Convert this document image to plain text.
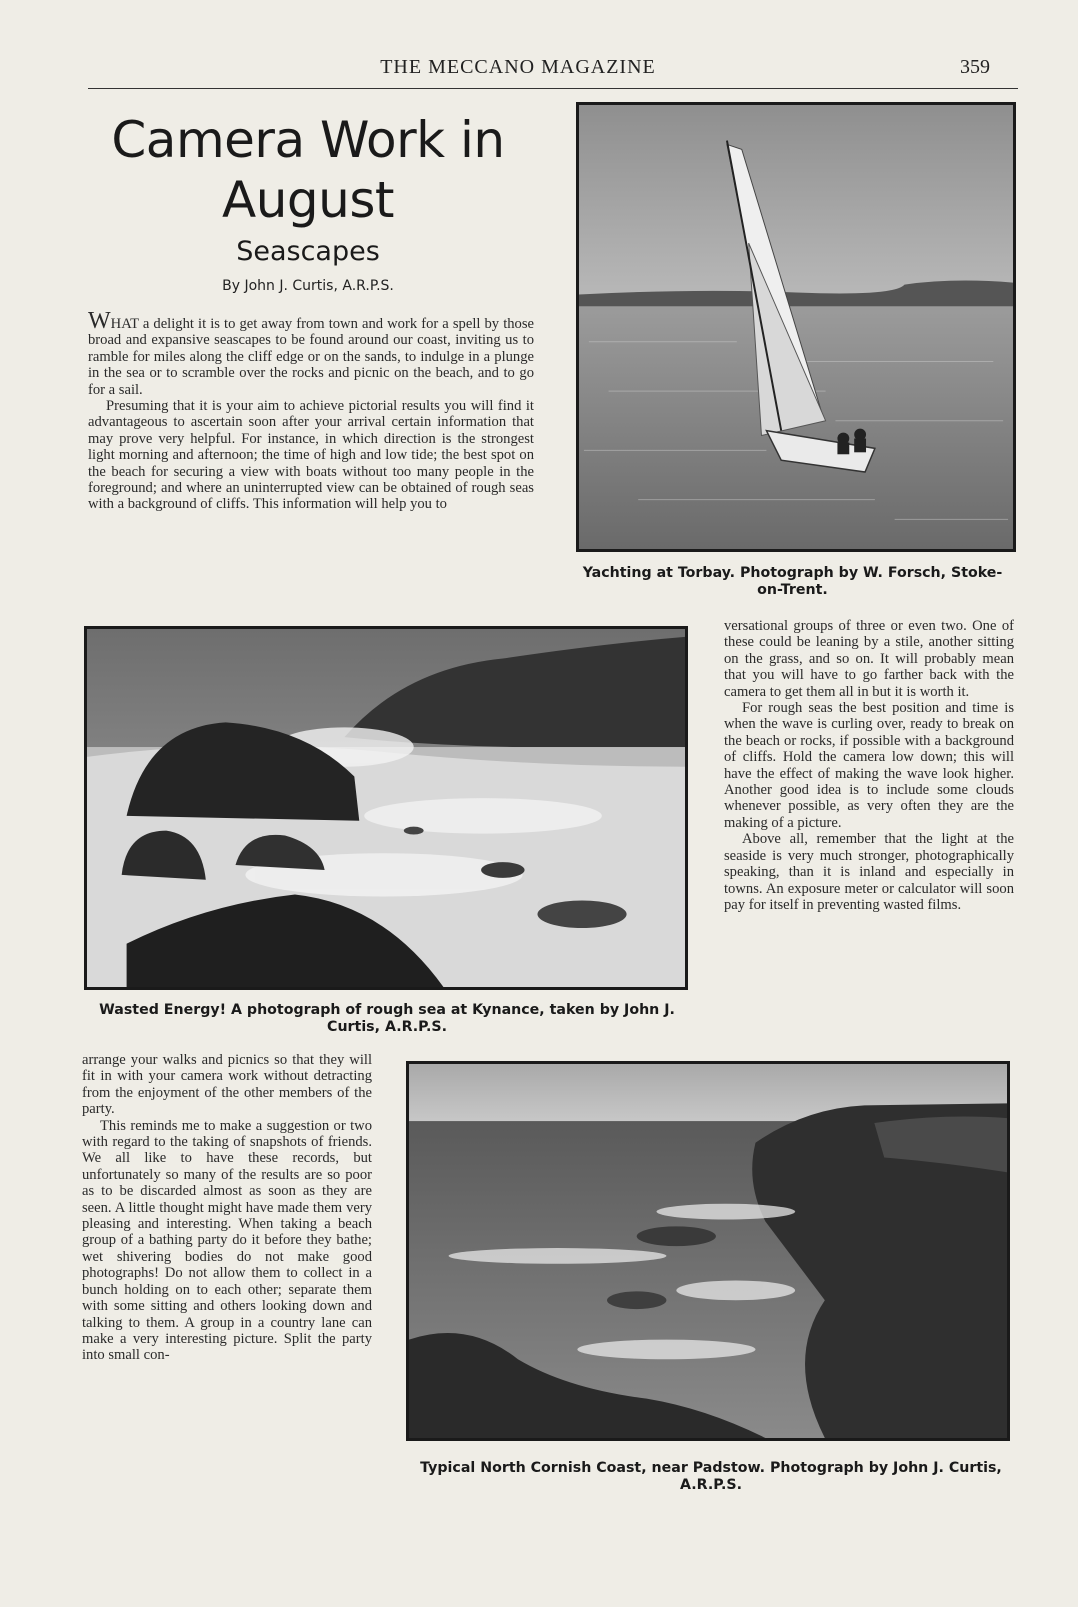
THE MECCANO MAGAZINE	359
Camera Work in August
Seascapes
By John J. Curtis, A.R.P.S.

WHAT a delight it is to get away from town and work for a spell by those broad and expansive seascapes to be found around our coast, inviting us to ramble for miles along the cliff edge or on the sands, to indulge in a plunge in the sea or to scramble over the rocks and picnic on the beach, and to go for a sail.

Presuming that it is your aim to achieve pictorial results you will find it advantageous to ascertain soon after your arrival certain information that may prove very helpful. For instance, in which direction is the strongest light morning and afternoon; the time of high and low tide; the best spot on the beach for securing a view with boats without too many people in the foreground; and where an uninterrupted view can be obtained of rough seas with a background of cliffs. This information will help you to

Yachting at Torbay. Photograph by W. Forsch, Stoke-on-Trent.
Wasted Energy! A photograph of rough sea at Kynance, taken by John J. Curtis, A.R.P.S.

versational groups of three or even two. One of these could be leaning by a stile, another sitting on the grass, and so on. It will probably mean that you will have to go farther back with the camera to get them all in but it is worth it.

For rough seas the best position and time is when the wave is curling over, ready to break on the beach or rocks, if possible with a background of cliffs. Hold the camera low down; this will have the effect of making the wave look higher. Another good idea is to include some clouds whenever possible, as very often they are the making of a picture.

Above all, remember that the light at the seaside is very much stronger, photographically speaking, than it is inland and especially in towns. An exposure meter or calculator will soon pay for itself in preventing wasted films.

arrange your walks and picnics so that they will fit in with your camera work without detracting from the enjoyment of the other members of the party.

This reminds me to make a suggestion or two with regard to the taking of snapshots of friends. We all like to have these records, but unfortunately so many of the results are so poor as to be discarded almost as soon as they are seen. A little thought might have made them very pleasing and interesting. When taking a beach group of a bathing party do it before they bathe; wet shivering bodies do not make good photographs! Do not allow them to collect in a bunch holding on to each other; separate them with some sitting and others looking down and talking to them. A group in a country lane can make a very interesting picture. Split the party into small con-

Typical North Cornish Coast, near Padstow. Photograph by John J. Curtis, A.R.P.S.
